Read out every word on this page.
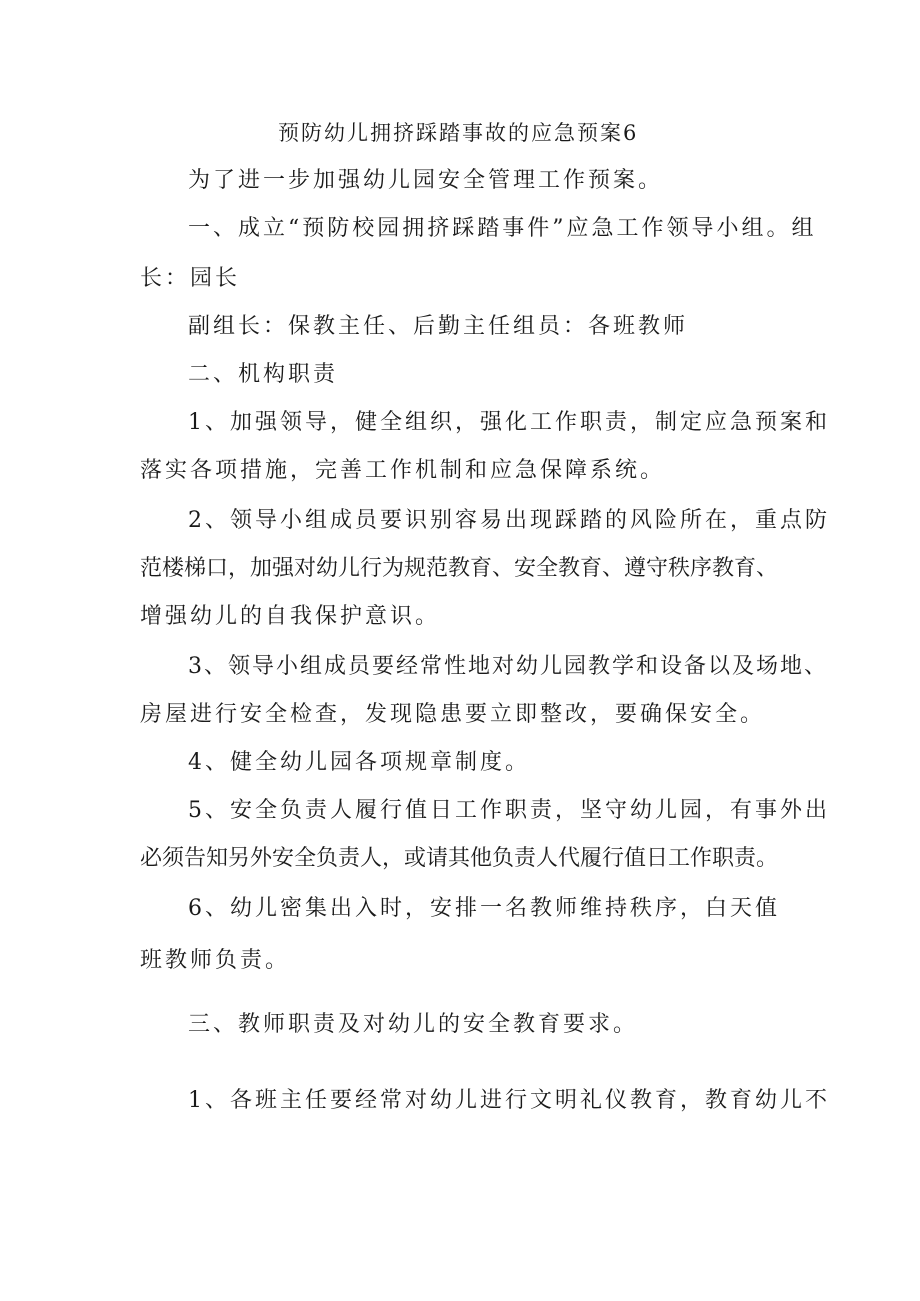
预防幼儿拥挤踩踏事故的应急预案6
为了进一步加强幼儿园安全管理工作预案。
一、成立“预防校园拥挤踩踏事件”应急工作领导小组。组
长：园长
副组长：保教主任、后勤主任组员：各班教师
二、机构职责
1、加强领导，健全组织，强化工作职责，制定应急预案和
落实各项措施，完善工作机制和应急保障系统。
2、领导小组成员要识别容易出现踩踏的风险所在，重点防
范楼梯口，加强对幼儿行为规范教育、安全教育、遵守秩序教育、
增强幼儿的自我保护意识。
3、领导小组成员要经常性地对幼儿园教学和设备以及场地、
房屋进行安全检查，发现隐患要立即整改，要确保安全。
4、健全幼儿园各项规章制度。
5、安全负责人履行值日工作职责，坚守幼儿园，有事外出
必须告知另外安全负责人，或请其他负责人代履行值日工作职责。
6、幼儿密集出入时，安排一名教师维持秩序，白天值
班教师负责。
三、教师职责及对幼儿的安全教育要求。
1、各班主任要经常对幼儿进行文明礼仪教育，教育幼儿不
